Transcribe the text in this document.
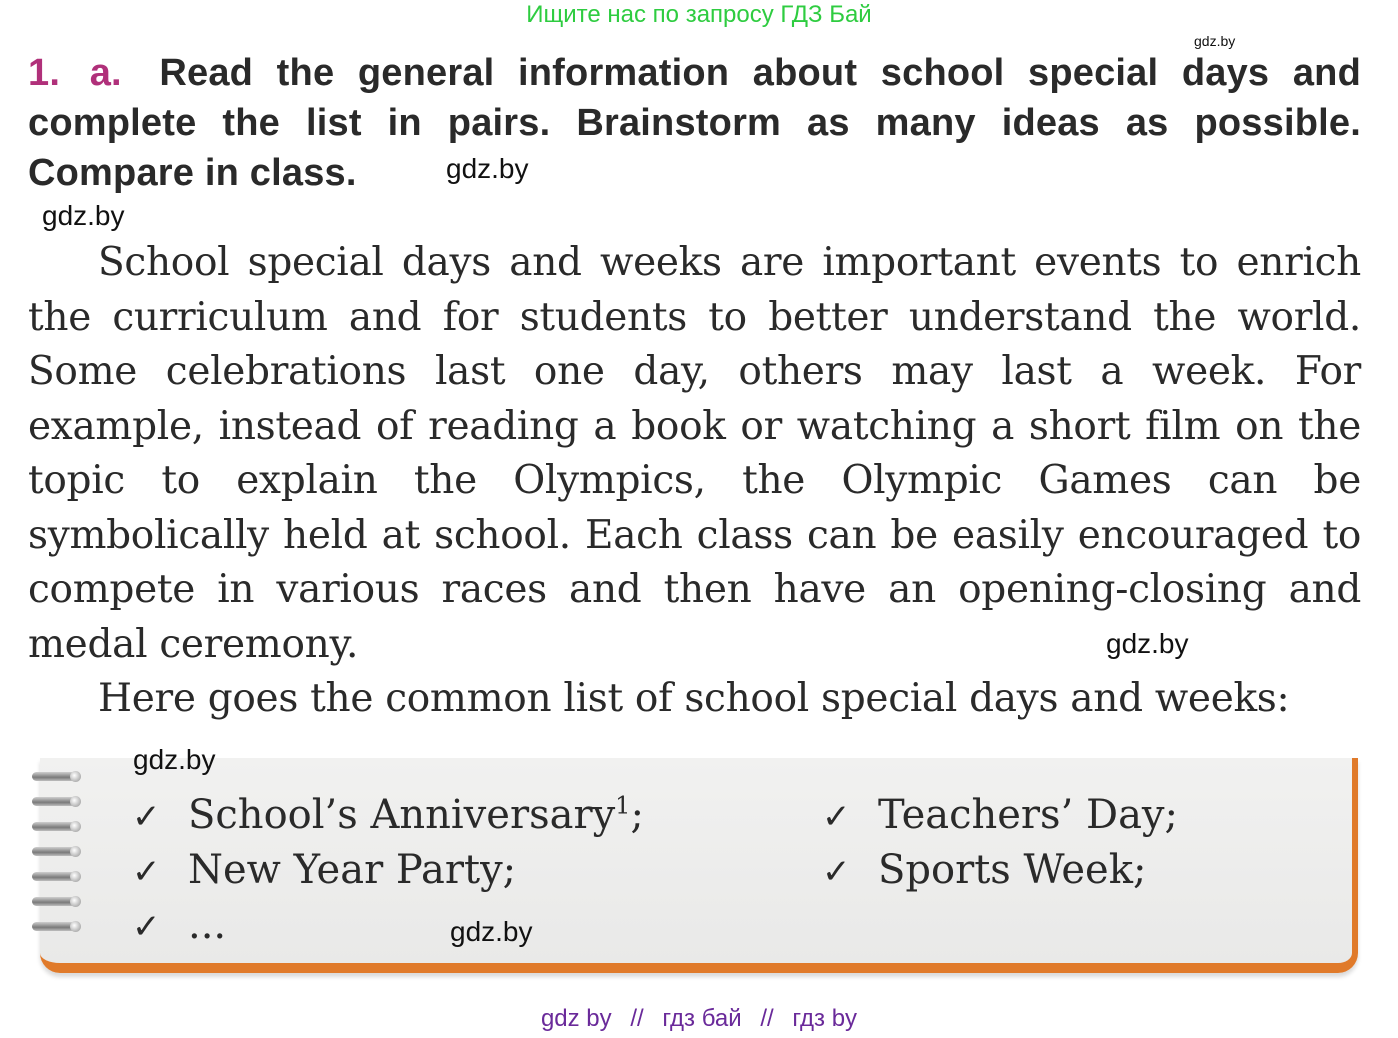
Ищите нас по запросу ГДЗ Бай
gdz.by
1. a. Read the general information about school special days and complete the list in pairs. Brainstorm as many ideas as possible. Compare in class.	gdz.by
gdz.by

School special days and weeks are important events to enrich the curriculum and for students to better understand the world. Some celebrations last one day, others may last a week. For example, instead of reading a book or watching a short film on the topic to explain the Olympics, the Olympic Games can be symbolically held at school. Each class can be easily encouraged to compete in various races and then have an opening-closing and medal ceremony.

Here goes the common list of school special days and weeks:

gdz.by
gdz.by
✓ School’s Anniversary$^1$;
✓ New Year Party;
✓ ...
✓ Teachers’ Day;
✓ Sports Week;
gdz.by
gdz by // гдз бай // гдз by
